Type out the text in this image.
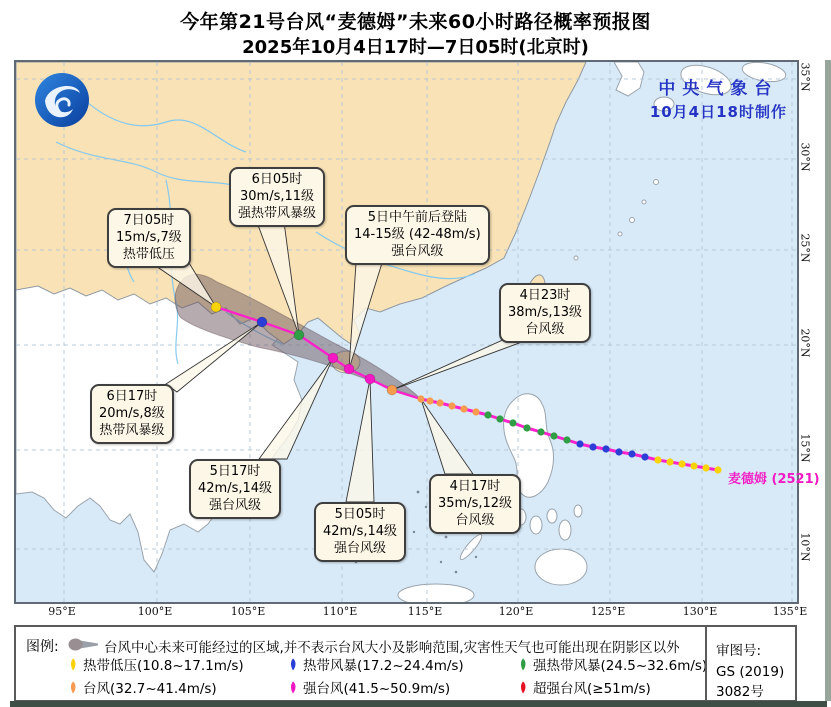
今年第21号台风“麦德姆”未来60小时路径概率预报图
2025年10月4日17时—7日05时(北京时)
中央气象台
10月4日18时制作
麦德姆 (2521)
7日05时
15m/s,7级
热带低压
6日05时
30m/s,11级
强热带风暴级	5日中午前后登陆
14-15级 (42-48m/s)
强台风级
4日23时
38m/s,13级
台风级
6日17时
20m/s,8级
热带风暴级
5日17时
42m/s,14级
强台风级
5日05时
42m/s,14级
强台风级
4日17时
35m/s,12级
台风级
95°E	100°E	105°E	110°E	115°E	120°E	125°E	130°E	135°E
35°N
30°N
25°N
20°N
15°N
10°N
图例:	台风中心未来可能经过的区域,并不表示台风大小及影响范围,灾害性天气也可能出现在阴影区以外
热带低压(10.8~17.1m/s)	热带风暴(17.2~24.4m/s)	强热带风暴(24.5~32.6m/s)
台风(32.7~41.4m/s)	强台风(41.5~50.9m/s)	超强台风(≥51m/s)
审图号:
GS (2019) 3082号
